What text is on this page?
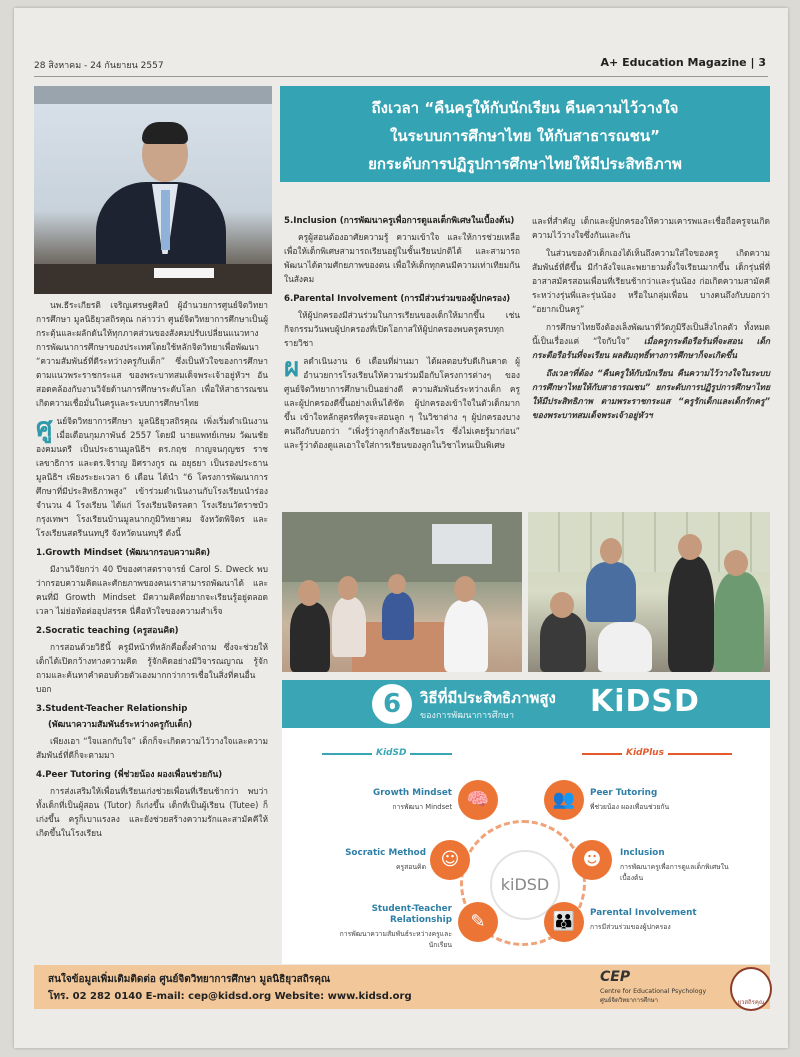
28 สิงหาคม - 24 กันยายน 2557	A+ Education Magazine | 3
ถึงเวลา “คืนครูให้กับนักเรียน คืนความไว้วางใจ
ในระบบการศึกษาไทย ให้กับสาธารณชน”
ยกระดับการปฏิรูปการศึกษาไทยให้มีประสิทธิภาพ

นพ.ธีระเกียรติ เจริญเศรษฐศิลป์ ผู้อำนวยการศูนย์จิตวิทยาการศึกษา มูลนิธิยุวสถิรคุณ กล่าวว่า ศูนย์จิตวิทยาการศึกษาเป็นผู้กระตุ้นและผลักดันให้ทุกภาคส่วนของสังคมปรับเปลี่ยนแนวทางการพัฒนาการศึกษาของประเทศโดยใช้หลักจิตวิทยาเพื่อพัฒนา “ความสัมพันธ์ที่ดีระหว่างครูกับเด็ก” ซึ่งเป็นหัวใจของการศึกษาตามแนวพระราชกระแส ของพระบาทสมเด็จพระเจ้าอยู่หัวฯ อันสอดคล้องกับงานวิจัยด้านการศึกษาระดับโลก เพื่อให้สาธารณชนเกิดความเชื่อมั่นในครูและระบบการศึกษาไทย

ศูนย์จิตวิทยาการศึกษา มูลนิธิยุวสถิรคุณ เพิ่งเริ่มดำเนินงาน เมื่อเดือนกุมภาพันธ์ 2557 โดยมี นายแพทย์เกษม วัฒนชัย องคมนตรี เป็นประธานมูลนิธิฯ ดร.กฤช กาญจนกุญชร ราชเลขาธิการ และดร.จิราญ อิศรางกูร ณ อยุธยา เป็นรองประธานมูลนิธิฯ เพียงระยะเวลา 6 เดือน ได้นำ “6 โครงการพัฒนาการศึกษาที่มีประสิทธิภาพสูง” เข้าร่วมดำเนินงานกับโรงเรียนนำร่องจำนวน 4 โรงเรียน ได้แก่ โรงเรียนจิตรลดา โรงเรียนวัดราชบัว กรุงเทพฯ โรงเรียนบ้านมูลนากภูมิวิทยาคม จังหวัดพิจิตร และโรงเรียนสตรีนนทบุรี จังหวัดนนทบุรี ดังนี้

1.Growth Mindset (พัฒนากรอบความคิด)

มีงานวิจัยกว่า 40 ปีของศาสตราจารย์ Carol S. Dweck พบว่ากรอบความคิดและศักยภาพของคนเราสามารถพัฒนาได้ และคนที่มี Growth Mindset มีความคิดที่อยากจะเรียนรู้อยู่ตลอดเวลา ไม่ย่อท้อต่ออุปสรรค นี่คือหัวใจของความสำเร็จ

2.Socratic teaching (ครูสอนคิด)

การสอนด้วยวิธีนี้ ครูมีหน้าที่หลักคือตั้งคำถาม ซึ่งจะช่วยให้เด็กได้เปิดกว้างทางความคิด รู้จักคิดอย่างมีวิจารณญาณ รู้จักถามและค้นหาคำตอบด้วยตัวเองมากกว่าการเชื่อในสิ่งที่คนอื่นบอก

3.Student-Teacher Relationship
(พัฒนาความสัมพันธ์ระหว่างครูกับเด็ก)

เพียงเอา “ใจแลกกับใจ” เด็กก็จะเกิดความไว้วางใจและความสัมพันธ์ที่ดีก็จะตามมา

4.Peer Tutoring (พี่ช่วยน้อง ผองเพื่อนช่วยกัน)

การส่งเสริมให้เพื่อนที่เรียนเก่งช่วยเพื่อนที่เรียนช้ากว่า พบว่าทั้งเด็กที่เป็นผู้สอน (Tutor) ก็เก่งขึ้น เด็กที่เป็นผู้เรียน (Tutee) ก็เก่งขึ้น ครูก็เบาแรงลง และยังช่วยสร้างความรักและสามัคคีให้เกิดขึ้นในโรงเรียน

5.Inclusion (การพัฒนาครูเพื่อการดูแลเด็กพิเศษในเบื้องต้น)

ครูผู้สอนต้องอาศัยความรู้ ความเข้าใจ และให้การช่วยเหลือเพื่อให้เด็กพิเศษสามารถเรียนอยู่ในชั้นเรียนปกติได้ และสามารถพัฒนาได้ตามศักยภาพของตน เพื่อให้เด็กทุกคนมีความเท่าเทียมกันในสังคม

6.Parental Involvement (การมีส่วนร่วมของผู้ปกครอง)

ให้ผู้ปกครองมีส่วนร่วมในการเรียนของเด็กให้มากขึ้น เช่น กิจกรรมวันพบผู้ปกครองที่เปิดโอกาสให้ผู้ปกครองพบครูครบทุกรายวิชา

ผลดำเนินงาน 6 เดือนที่ผ่านมา ได้ผลตอบรับดีเกินคาด ผู้อำนวยการโรงเรียนให้ความร่วมมือกับโครงการต่างๆ ของศูนย์จิตวิทยาการศึกษาเป็นอย่างดี ความสัมพันธ์ระหว่างเด็ก ครู และผู้ปกครองดีขึ้นอย่างเห็นได้ชัด ผู้ปกครองเข้าใจในตัวเด็กมากขึ้น เข้าใจหลักสูตรที่ครูจะสอนลูก ๆ ในวิชาต่าง ๆ ผู้ปกครองบางคนถึงกับบอกว่า “เพิ่งรู้ว่าลูกกำลังเรียนอะไร ซึ่งไม่เคยรู้มาก่อน” และรู้ว่าต้องดูแลเอาใจใส่การเรียนของลูกในวิชาไหนเป็นพิเศษ

และที่สำคัญ เด็กและผู้ปกครองให้ความเคารพและเชื่อถือครูจนเกิดความไว้วางใจซึ่งกันและกัน

ในส่วนของตัวเด็กเองได้เห็นถึงความใส่ใจของครู เกิดความสัมพันธ์ที่ดีขึ้น มีกำลังใจและพยายามตั้งใจเรียนมากขึ้น เด็กรุ่นพี่ที่อาสาสมัครสอนเพื่อนที่เรียนช้ากว่าและรุ่นน้อง ก่อเกิดความสามัคคีระหว่างรุ่นพี่และรุ่นน้อง หรือในกลุ่มเพื่อน บางคนถึงกับบอกว่า “อยากเป็นครู”

การศึกษาไทยจึงต้องเล็งพัฒนาที่วัดภูมิรึงเป็นสิ่งไกลตัว ทั้งหมดนี้เป็นเรื่องแค่ “ใจกับใจ” เมื่อครูกระตือรือร้นที่จะสอน เด็กกระตือรือร้นที่จะเรียน ผลสัมฤทธิ์ทางการศึกษาก็จะเกิดขึ้น

ถึงเวลาที่ต้อง “คืนครูให้กับนักเรียน คืนความไว้วางใจในระบบการศึกษาไทยให้กับสาธารณชน” ยกระดับการปฏิรูปการศึกษาไทยให้มีประสิทธิภาพ ตามพระราชกระแส “ครูรักเด็กและเด็กรักครู” ของพระบาทสมเด็จพระเจ้าอยู่หัวฯ

6	วิธีที่มีประสิทธิภาพสูง
ของการพัฒนาการศึกษา	KiDSD
KidSD	KidPlus
kiDSD
🧠
☺
✎
👥
☻
👪
Growth Mindset
การพัฒนา Mindset
Socratic Method
ครูสอนคิด
Student-Teacher Relationship
การพัฒนาความสัมพันธ์ระหว่างครูและนักเรียน
Peer Tutoring
พี่ช่วยน้อง ผองเพื่อนช่วยกัน
Inclusion
การพัฒนาครูเพื่อการดูแลเด็กพิเศษในเบื้องต้น
Parental Involvement
การมีส่วนร่วมของผู้ปกครอง
สนใจข้อมูลเพิ่มเติมติดต่อ ศูนย์จิตวิทยาการศึกษา มูลนิธิยุวสถิรคุณ
โทร. 02 282 0140 E-mail: cep@kidsd.org Website: www.kidsd.org
CEP
Centre for Educational Psychology
ศูนย์จิตวิทยาการศึกษา	ยุวสถิรคุณ
